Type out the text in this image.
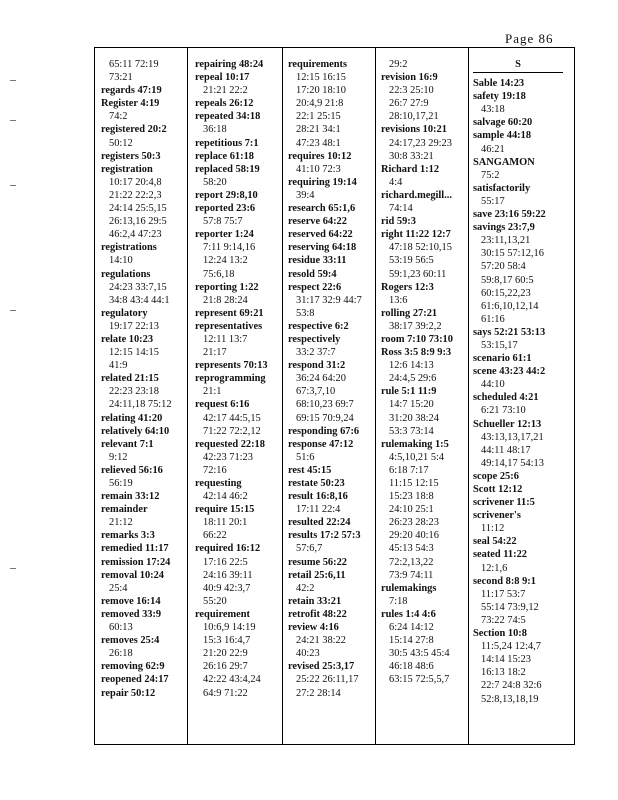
Page 86
65:11 72:19
73:21
regards 47:19
Register 4:19
74:2
registered 20:2
50:12
registers 50:3
registration
10:17 20:4,8
21:22 22:2,3
24:14 25:5,15
26:13,16 29:5
46:2,4 47:23
registrations
14:10
regulations
24:23 33:7,15
34:8 43:4 44:1
regulatory
19:17 22:13
relate 10:23
12:15 14:15
41:9
related 21:15
22:23 23:18
24:11,18 75:12
relating 41:20
relatively 64:10
relevant 7:1
9:12
relieved 56:16
56:19
remain 33:12
remainder
21:12
remarks 3:3
remedied 11:17
remission 17:24
removal 10:24
25:4
remove 16:14
removed 33:9
60:13
removes 25:4
26:18
removing 62:9
reopened 24:17
repair 50:12
repairing 48:24
repeal 10:17
21:21 22:2
repeals 26:12
repeated 34:18
36:18
repetitious 7:1
replace 61:18
replaced 58:19
58:20
report 29:8,10
reported 23:6
57:8 75:7
reporter 1:24
7:11 9:14,16
12:24 13:2
75:6,18
reporting 1:22
21:8 28:24
represent 69:21
representatives
12:11 13:7
21:17
represents 70:13
reprogramming
21:1
request 6:16
42:17 44:5,15
71:22 72:2,12
requested 22:18
42:23 71:23
72:16
requesting
42:14 46:2
require 15:15
18:11 20:1
66:22
required 16:12
17:16 22:5
24:16 39:11
40:9 42:3,7
55:20
requirement
10:6,9 14:19
15:3 16:4,7
21:20 22:9
26:16 29:7
42:22 43:4,24
64:9 71:22
requirements
12:15 16:15
17:20 18:10
20:4,9 21:8
22:1 25:15
28:21 34:1
47:23 48:1
requires 10:12
41:10 72:3
requiring 19:14
39:4
research 65:1,6
reserve 64:22
reserved 64:22
reserving 64:18
residue 33:11
resold 59:4
respect 22:6
31:17 32:9 44:7
53:8
respective 6:2
respectively
33:2 37:7
respond 31:2
36:24 64:20
67:3,7,10
68:10,23 69:7
69:15 70:9,24
responding 67:6
response 47:12
51:6
rest 45:15
restate 50:23
result 16:8,16
17:11 22:4
resulted 22:24
results 17:2 57:3
57:6,7
resume 56:22
retail 25:6,11
42:2
retain 33:21
retrofit 48:22
review 4:16
24:21 38:22
40:23
revised 25:3,17
25:22 26:11,17
27:2 28:14
29:2
revision 16:9
22:3 25:10
26:7 27:9
28:10,17,21
revisions 10:21
24:17,23 29:23
30:8 33:21
Richard 1:12
4:4
richard.megill...
74:14
rid 59:3
right 11:22 12:7
47:18 52:10,15
53:19 56:5
59:1,23 60:11
Rogers 12:3
13:6
rolling 27:21
38:17 39:2,2
room 7:10 73:10
Ross 3:5 8:9 9:3
12:6 14:13
24:4,5 29:6
rule 5:1 11:9
14:7 15:20
31:20 38:24
53:3 73:14
rulemaking 1:5
4:5,10,21 5:4
6:18 7:17
11:15 12:15
15:23 18:8
24:10 25:1
26:23 28:23
29:20 40:16
45:13 54:3
72:2,13,22
73:9 74:11
rulemakings
7:18
rules 1:4 4:6
6:24 14:12
15:14 27:8
30:5 43:5 45:4
46:18 48:6
63:15 72:5,5,7
S
Sable 14:23
safety 19:18
43:18
salvage 60:20
sample 44:18
46:21
SANGAMON
75:2
satisfactorily
55:17
save 23:16 59:22
savings 23:7,9
23:11,13,21
30:15 57:12,16
57:20 58:4
59:8,17 60:5
60:15,22,23
61:6,10,12,14
61:16
says 52:21 53:13
53:15,17
scenario 61:1
scene 43:23 44:2
44:10
scheduled 4:21
6:21 73:10
Schueller 12:13
43:13,13,17,21
44:11 48:17
49:14,17 54:13
scope 25:6
Scott 12:12
scrivener 11:5
scrivener's
11:12
seal 54:22
seated 11:22
12:1,6
second 8:8 9:1
11:17 53:7
55:14 73:9,12
73:22 74:5
Section 10:8
11:5,24 12:4,7
14:14 15:23
16:13 18:2
22:7 24:8 32:6
52:8,13,18,19
